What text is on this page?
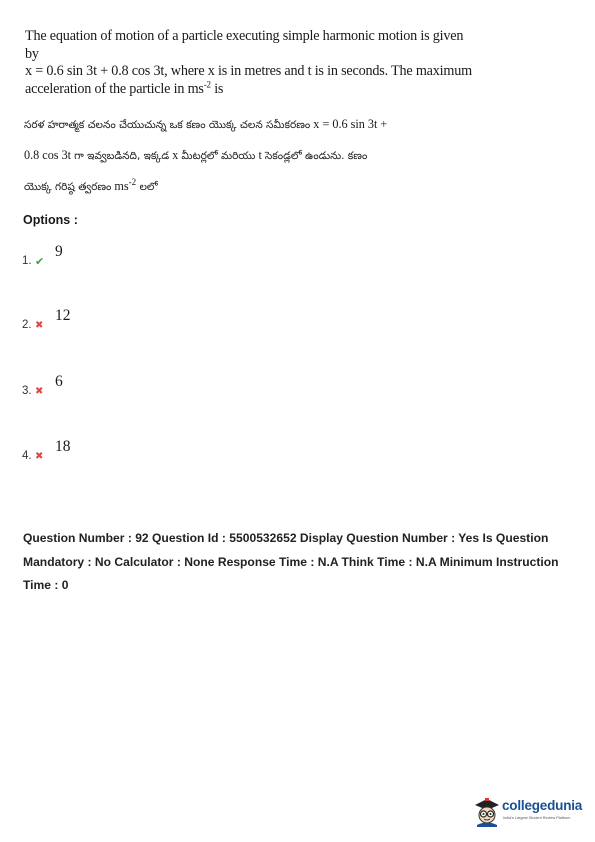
The equation of motion of a particle executing simple harmonic motion is given by
x = 0.6 sin 3t + 0.8 cos 3t, where x is in metres and t is in seconds. The maximum
acceleration of the particle in $ms^{-2}$ is
సరళ హరాత్మక చలనం చేయుచున్న ఒక కణం యొక్క చలన సమీకరణం x = 0.6 sin 3t +
0.8 cos 3t గా ఇవ్వబడినది, ఇక్కడ x మీటర్లలో మరియు t సెకండ్లలో ఉండును. కణం
యొక్క గరిష్ఠ త్వరణం $ms^{-2}$ లలో
Options :
1. ✔
9
2. ✖
12
3. ✖
6
4. ✖
18
Question Number : 92 Question Id : 5500532652 Display Question Number : Yes Is Question
Mandatory : No Calculator : None Response Time : N.A Think Time : N.A Minimum Instruction
Time : 0
collegedunia
India's Largest Student Review Platform
